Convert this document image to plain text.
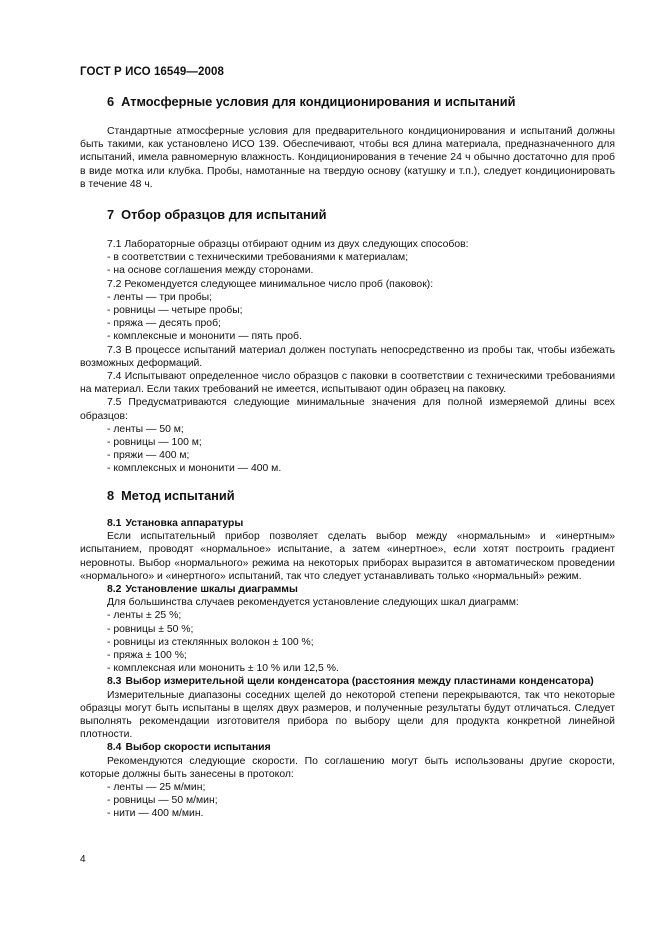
ГОСТ Р ИСО 16549—2008
6 Атмосферные условия для кондиционирования и испытаний

Стандартные атмосферные условия для предварительного кондиционирования и испытаний должны быть такими, как установлено ИСО 139. Обеспечивают, чтобы вся длина материала, предназначенного для испытаний, имела равномерную влажность. Кондиционирования в течение 24 ч обычно достаточно для проб в виде мотка или клубка. Пробы, намотанные на твердую основу (катушку и т.п.), следует кондиционировать в течение 48 ч.

7 Отбор образцов для испытаний

7.1 Лабораторные образцы отбирают одним из двух следующих способов:

- в соответствии с техническими требованиями к материалам;

- на основе соглашения между сторонами.

7.2 Рекомендуется следующее минимальное число проб (паковок):

- ленты — три пробы;

- ровницы — четыре пробы;

- пряжа — десять проб;

- комплексные и мононити — пять проб.

7.3 В процессе испытаний материал должен поступать непосредственно из пробы так, чтобы избежать возможных деформаций.

7.4 Испытывают определенное число образцов с паковки в соответствии с техническими требованиями на материал. Если таких требований не имеется, испытывают один образец на паковку.

7.5 Предусматриваются следующие минимальные значения для полной измеряемой длины всех образцов:

- ленты — 50 м;

- ровницы — 100 м;

- пряжи — 400 м;

- комплексных и мононити — 400 м.

8 Метод испытаний

8.1 Установка аппаратуры

Если испытательный прибор позволяет сделать выбор между «нормальным» и «инертным» испытанием, проводят «нормальное» испытание, а затем «инертное», если хотят построить градиент неровноты. Выбор «нормального» режима на некоторых приборах выразится в автоматическом проведении «нормального» и «инертного» испытаний, так что следует устанавливать только «нормальный» режим.

8.2 Установление шкалы диаграммы

Для большинства случаев рекомендуется установление следующих шкал диаграмм:

- ленты ± 25 %;

- ровницы ± 50 %;

- ровницы из стеклянных волокон ± 100 %;

- пряжа ± 100 %;

- комплексная или мононить ± 10 % или 12,5 %.

8.3 Выбор измерительной щели конденсатора (расстояния между пластинами конденсатора)

Измерительные диапазоны соседних щелей до некоторой степени перекрываются, так что некоторые образцы могут быть испытаны в щелях двух размеров, и полученные результаты будут отличаться. Следует выполнять рекомендации изготовителя прибора по выбору щели для продукта конкретной линейной плотности.

8.4 Выбор скорости испытания

Рекомендуются следующие скорости. По соглашению могут быть использованы другие скорости, которые должны быть занесены в протокол:

- ленты — 25 м/мин;

- ровницы — 50 м/мин;

- нити — 400 м/мин.

4
